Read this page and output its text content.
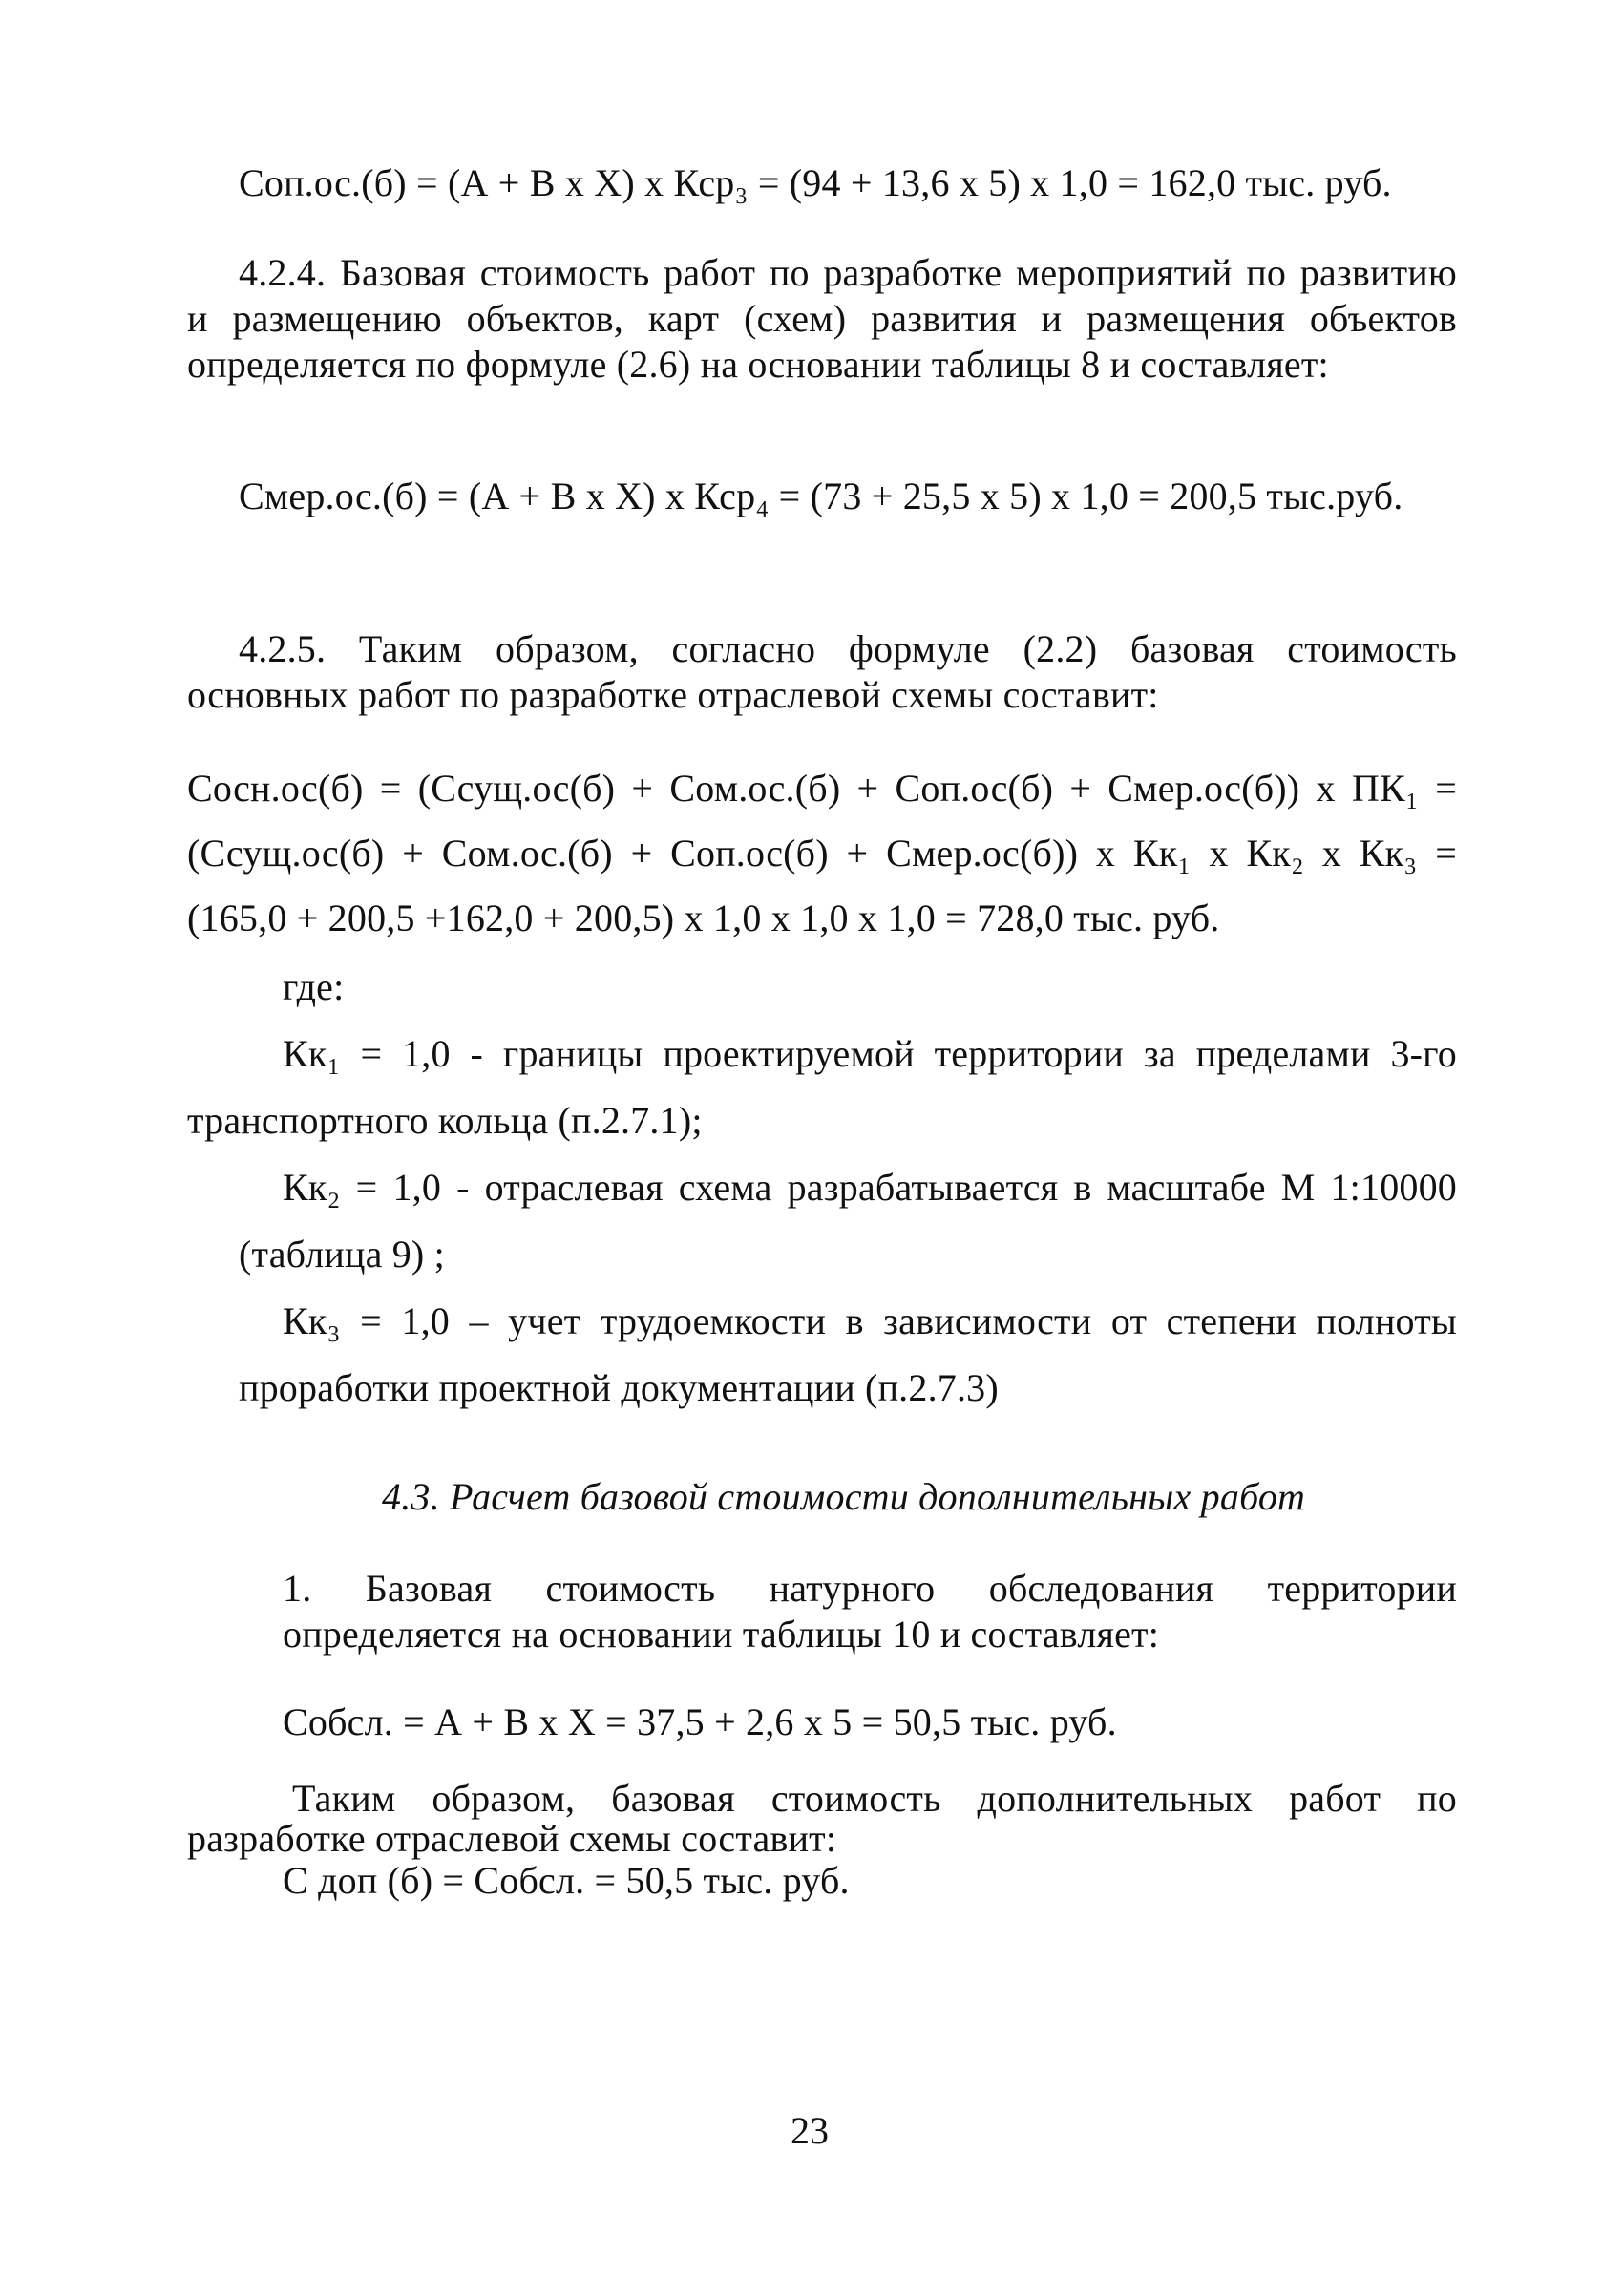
Соп.ос.(б) = (А + В х Х) х Кср₃ = (94 + 13,6 х 5) х 1,0 = 162,0 тыс. руб.
4.2.4. Базовая стоимость работ по разработке мероприятий по развитию
и размещению объектов, карт (схем) развития и размещения объектов
определяется по формуле (2.6) на основании таблицы 8 и составляет:
Смер.ос.(б) = (А + В х Х) х Кср₄ = (73 + 25,5 х 5) х 1,0 = 200,5 тыс.руб.
4.2.5. Таким образом, согласно формуле (2.2) базовая стоимость
основных работ по разработке отраслевой схемы составит:
Сосн.ос(б) = (Ссущ.ос(б) + Сом.ос.(б) + Соп.ос(б) + Смер.ос(б)) х ПК₁ =
(Ссущ.ос(б) + Сом.ос.(б) + Соп.ос(б) + Смер.ос(б)) х Кк₁ х Кк₂ х Кк₃ =
(165,0 + 200,5 +162,0 + 200,5) х 1,0 х 1,0 х 1,0 = 728,0 тыс. руб.
где:
Кк₁ = 1,0 - границы проектируемой территории за пределами 3-го
транспортного кольца (п.2.7.1);
Кк₂ = 1,0 - отраслевая схема разрабатывается в масштабе М 1:10000
(таблица 9) ;
Кк₃ = 1,0 – учет трудоемкости в зависимости от степени полноты
проработки проектной документации (п.2.7.3)
4.3. Расчет базовой стоимости дополнительных работ
1. Базовая стоимость натурного обследования территории
определяется на основании таблицы 10 и составляет:
Собсл. = А + В х Х = 37,5 + 2,6 х 5 = 50,5 тыс. руб.
Таким образом, базовая стоимость дополнительных работ по
разработке отраслевой схемы составит:
С доп (б) = Собсл. = 50,5 тыс. руб.
23
